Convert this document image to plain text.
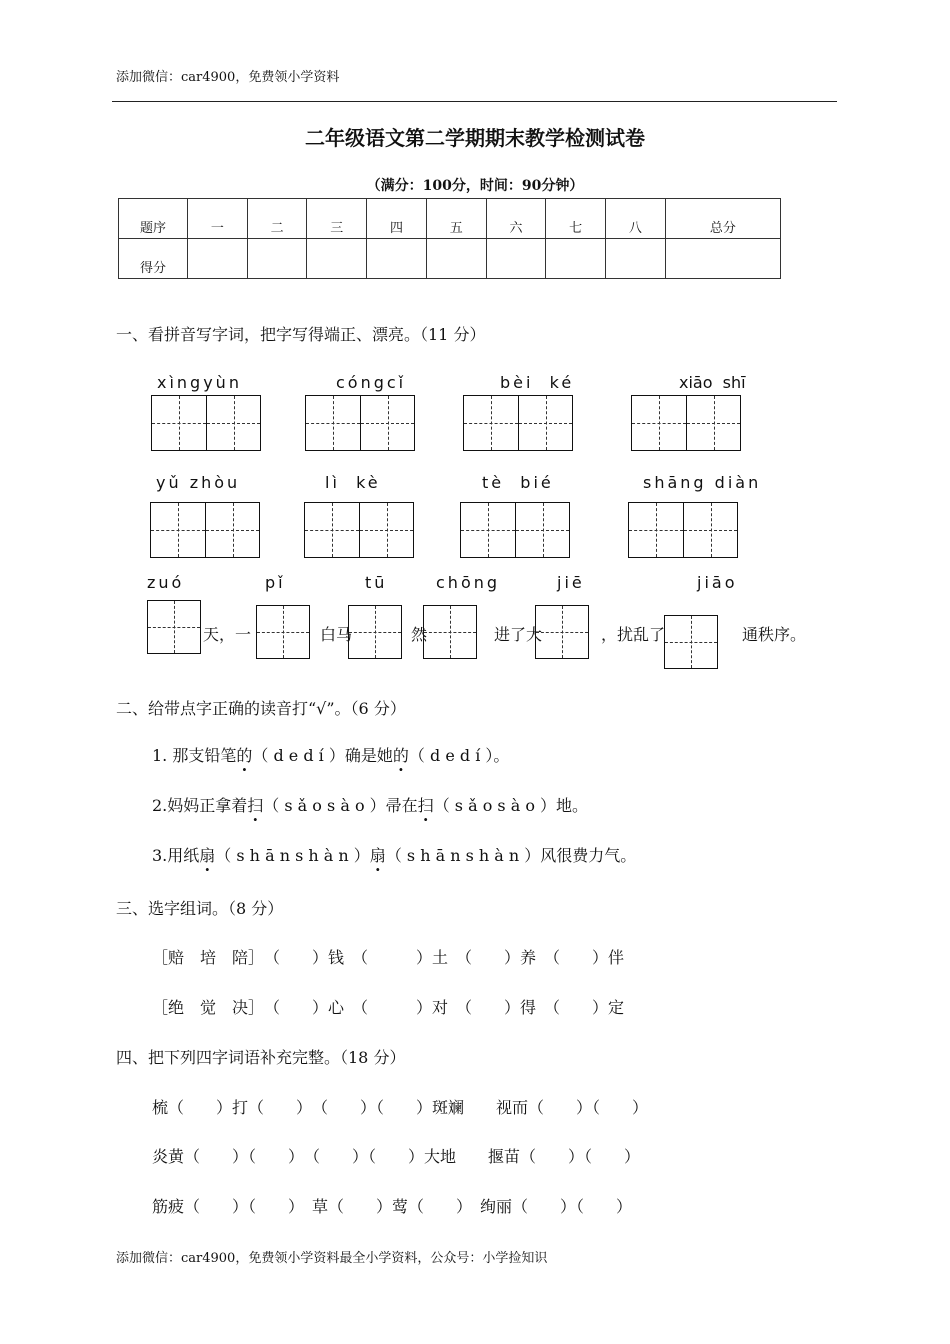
添加微信：car4900，免费领小学资料
二年级语文第二学期期末教学检测试卷
（满分：100分，时间：90分钟）
题序	一	二	三	四	五	六	七	八	总分
得分									
一、看拼音写字词，把字写得端正、漂亮。（11 分）
xìngyùn	cóngcǐ	bèi  ké	xiāo  shī
yǔ zhòu	lì  kè	tè  bié	shāng diàn
zuó	pǐ	tū	chōng	jiē	jiāo
天，一	白马	然	进了大	，扰乱了	通秩序。
二、给带点字正确的读音打“√”。（6 分）
1. 那支铅笔的（ d e d í ）确是她的（ d e d í ）。
2.妈妈正拿着扫（ s ǎ o s à o ）帚在扫（ s ǎ o s à o ）地。
3.用纸扇（ s h ā n s h à n ）扇（ s h ā n s h à n ）风很费力气。
三、选字组词。（8 分）
［赔　培　陪］　（　　）钱　（　　　）土　（　　）养　（　　）伴
［绝　觉　决］　（　　）心　（　　　）对　（　　）得　（　　）定
四、把下列四字词语补充完整。（18 分）
梳（　　）打（　　）　（　　）（　　）斑斓　　视而（　　）（　　）
炎黄（　　）（　　）　（　　）（　　）大地　　揠苗（　　）（　　）
筋疲（　　）（　　）　草（　　）莺（　　）　绚丽（　　）（　　）
添加微信：car4900，免费领小学资料最全小学资料，公众号：小学捡知识
